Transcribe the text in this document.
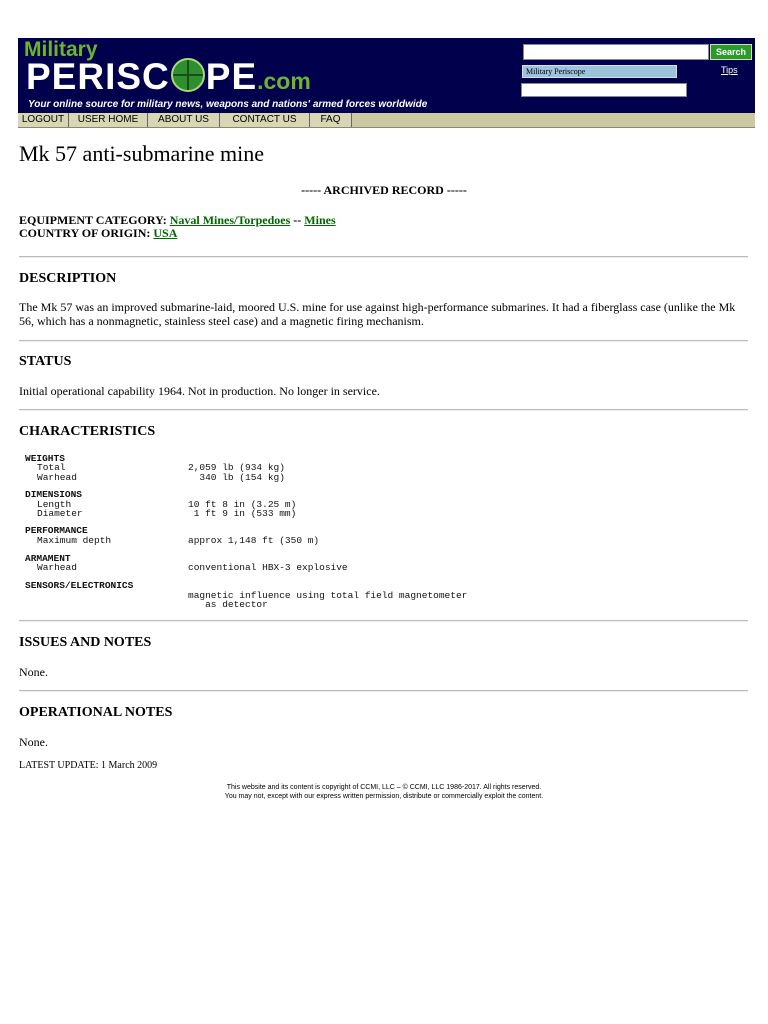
Military
PERISC PE.com
Your online source for military news, weapons and nations' armed forces worldwide
Search
Military Periscope	Tips
LOGOUT	USER HOME	ABOUT US	CONTACT US	FAQ
Mk 57 anti-submarine mine
----- ARCHIVED RECORD -----
EQUIPMENT CATEGORY: Naval Mines/Torpedoes -- Mines
COUNTRY OF ORIGIN: USA
DESCRIPTION
The Mk 57 was an improved submarine-laid, moored U.S. mine for use against high-performance submarines. It had a fiberglass case (unlike the Mk 56, which has a nonmagnetic, stainless steel case) and a magnetic firing mechanism.
STATUS
Initial operational capability 1964. Not in production. No longer in service.
CHARACTERISTICS
WEIGHTS
Total	2,059 lb (934 kg)
Warhead	340 lb (154 kg)
DIMENSIONS
Length	10 ft 8 in (3.25 m)
Diameter	1 ft 9 in (533 mm)
PERFORMANCE
Maximum depth	approx 1,148 ft (350 m)
ARMAMENT
Warhead	conventional HBX-3 explosive
SENSORS/ELECTRONICS
magnetic influence using total field magnetometer
as detector
ISSUES AND NOTES
None.
OPERATIONAL NOTES
None.
LATEST UPDATE: 1 March 2009
This website and its content is copyright of CCMI, LLC – © CCMI, LLC 1986-2017. All rights reserved.
You may not, except with our express written permission, distribute or commercially exploit the content.
